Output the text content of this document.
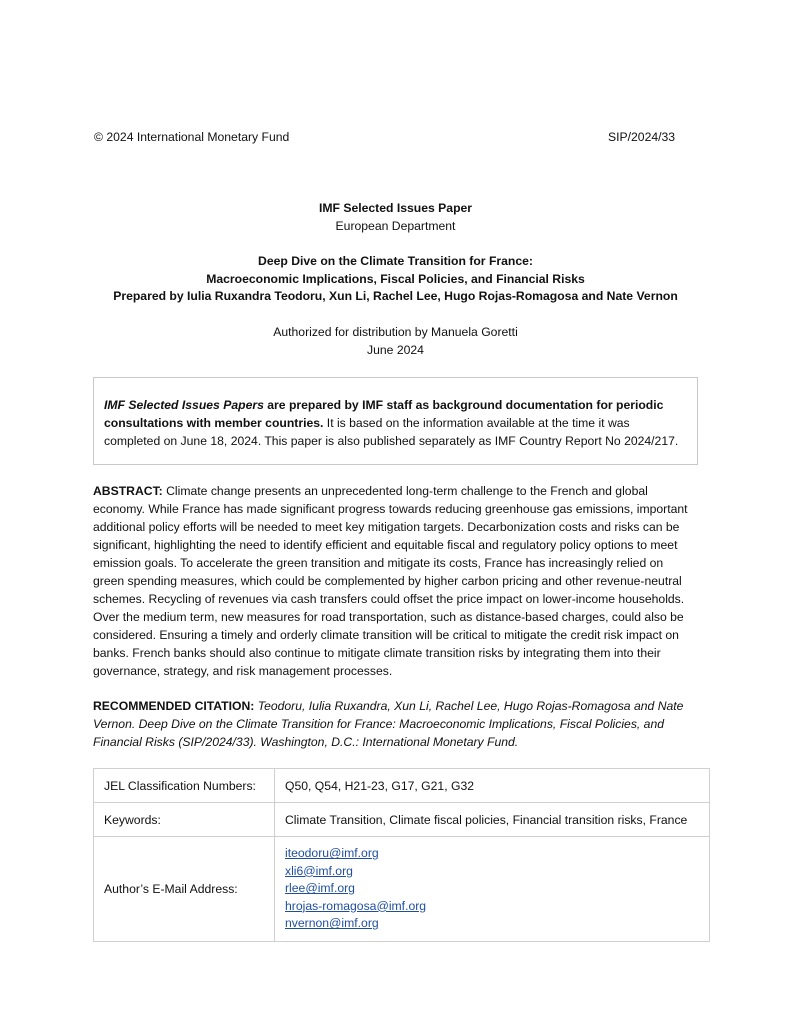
© 2024 International Monetary Fund	SIP/2024/33
IMF Selected Issues Paper
European Department
Deep Dive on the Climate Transition for France:
Macroeconomic Implications, Fiscal Policies, and Financial Risks
Prepared by Iulia Ruxandra Teodoru, Xun Li, Rachel Lee, Hugo Rojas-Romagosa and Nate Vernon
Authorized for distribution by Manuela Goretti
June 2024

IMF Selected Issues Papers are prepared by IMF staff as background documentation for periodic consultations with member countries. It is based on the information available at the time it was completed on June 18, 2024. This paper is also published separately as IMF Country Report No 2024/217.

ABSTRACT: Climate change presents an unprecedented long-term challenge to the French and global economy. While France has made significant progress towards reducing greenhouse gas emissions, important additional policy efforts will be needed to meet key mitigation targets. Decarbonization costs and risks can be significant, highlighting the need to identify efficient and equitable fiscal and regulatory policy options to meet emission goals. To accelerate the green transition and mitigate its costs, France has increasingly relied on green spending measures, which could be complemented by higher carbon pricing and other revenue-neutral schemes. Recycling of revenues via cash transfers could offset the price impact on lower-income households. Over the medium term, new measures for road transportation, such as distance-based charges, could also be considered. Ensuring a timely and orderly climate transition will be critical to mitigate the credit risk impact on banks. French banks should also continue to mitigate climate transition risks by integrating them into their governance, strategy, and risk management processes.

RECOMMENDED CITATION: Teodoru, Iulia Ruxandra, Xun Li, Rachel Lee, Hugo Rojas-Romagosa and Nate Vernon. Deep Dive on the Climate Transition for France: Macroeconomic Implications, Fiscal Policies, and Financial Risks (SIP/2024/33). Washington, D.C.: International Monetary Fund.

JEL Classification Numbers:	Q50, Q54, H21-23, G17, G21, G32
Keywords:	Climate Transition, Climate fiscal policies, Financial transition risks, France
Author’s E-Mail Address:	iteodoru@imf.org
xli6@imf.org
rlee@imf.org
hrojas-romagosa@imf.org
nvernon@imf.org
